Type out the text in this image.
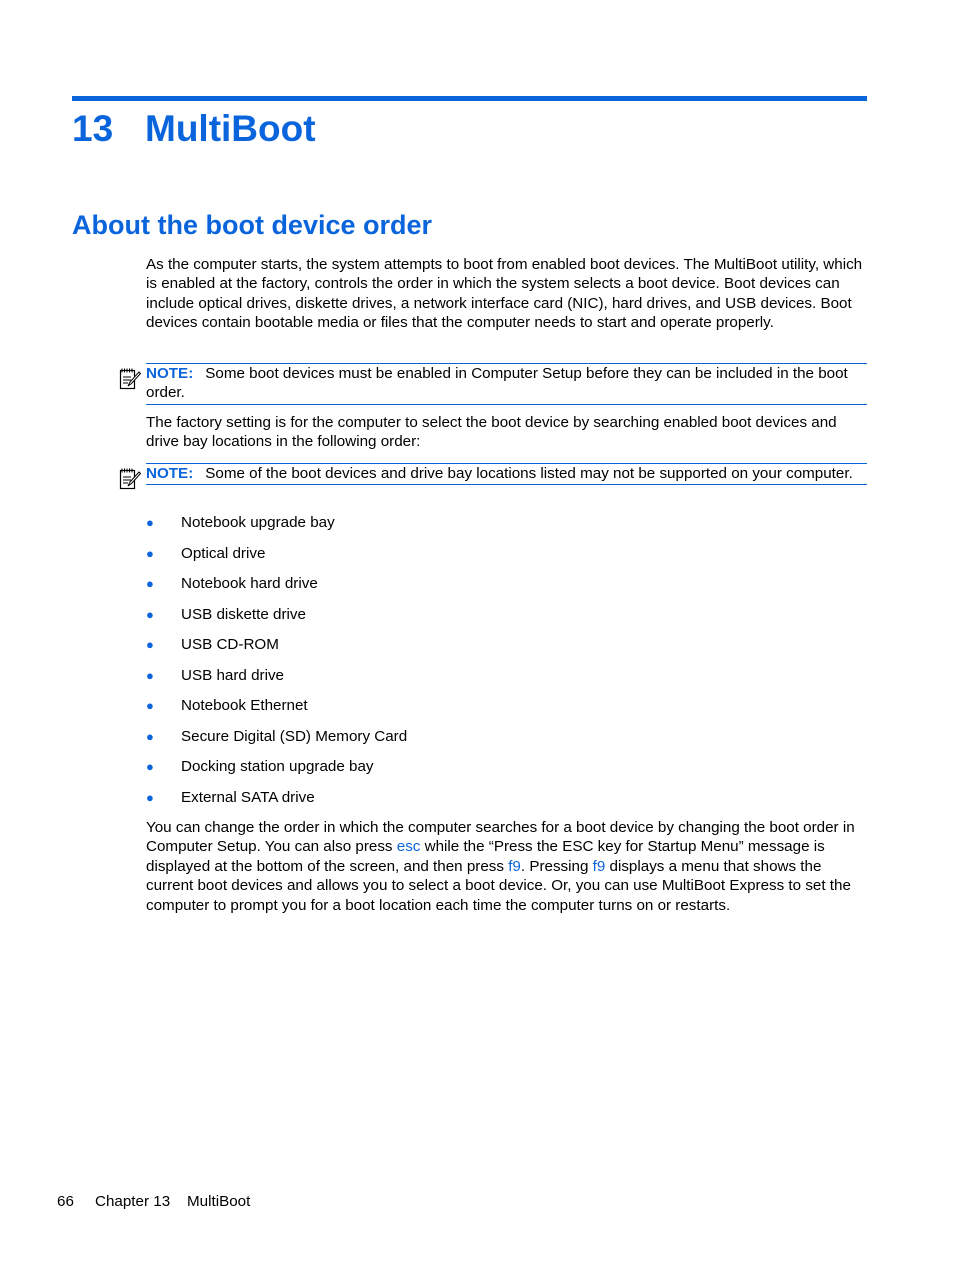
13 MultiBoot
About the boot device order

As the computer starts, the system attempts to boot from enabled boot devices. The MultiBoot utility, which is enabled at the factory, controls the order in which the system selects a boot device. Boot devices can include optical drives, diskette drives, a network interface card (NIC), hard drives, and USB devices. Boot devices contain bootable media or files that the computer needs to start and operate properly.

NOTE: Some boot devices must be enabled in Computer Setup before they can be included in the boot order.

The factory setting is for the computer to select the boot device by searching enabled boot devices and drive bay locations in the following order:

NOTE: Some of the boot devices and drive bay locations listed may not be supported on your computer.
● Notebook upgrade bay
● Optical drive
● Notebook hard drive
● USB diskette drive
● USB CD-ROM
● USB hard drive
● Notebook Ethernet
● Secure Digital (SD) Memory Card
● Docking station upgrade bay
● External SATA drive

You can change the order in which the computer searches for a boot device by changing the boot order in Computer Setup. You can also press esc while the “Press the ESC key for Startup Menu” message is displayed at the bottom of the screen, and then press f9. Pressing f9 displays a menu that shows the current boot devices and allows you to select a boot device. Or, you can use MultiBoot Express to set the computer to prompt you for a boot location each time the computer turns on or restarts.

66 Chapter 13 MultiBoot
